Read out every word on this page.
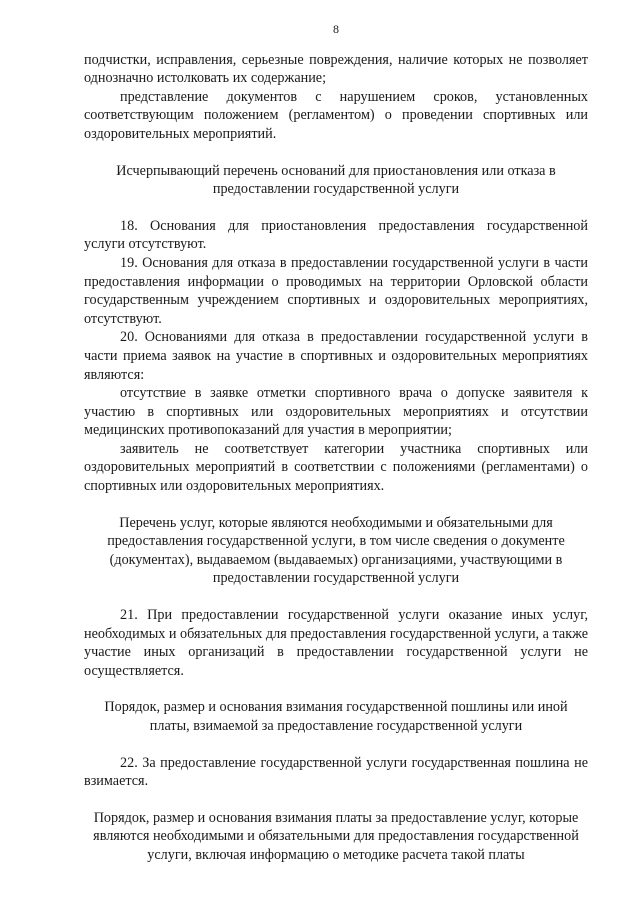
8

подчистки, исправления, серьезные повреждения, наличие которых не позволяет однозначно истолковать их содержание;

представление документов с нарушением сроков, установленных соответствующим положением (регламентом) о проведении спортивных или оздоровительных мероприятий.

Исчерпывающий перечень оснований для приостановления или отказа в предоставлении государственной услуги

18. Основания для приостановления предоставления государственной услуги отсутствуют.

19. Основания для отказа в предоставлении государственной услуги в части предоставления информации о проводимых на территории Орловской области государственным учреждением спортивных и оздоровительных мероприятиях, отсутствуют.

20. Основаниями для отказа в предоставлении государственной услуги в части приема заявок на участие в спортивных и оздоровительных мероприятиях являются:

отсутствие в заявке отметки спортивного врача о допуске заявителя к участию в спортивных или оздоровительных мероприятиях и отсутствии медицинских противопоказаний для участия в мероприятии;

заявитель не соответствует категории участника спортивных или оздоровительных мероприятий в соответствии с положениями (регламентами) о спортивных или оздоровительных мероприятиях.

Перечень услуг, которые являются необходимыми и обязательными для предоставления государственной услуги, в том числе сведения о документе (документах), выдаваемом (выдаваемых) организациями, участвующими в предоставлении государственной услуги

21. При предоставлении государственной услуги оказание иных услуг, необходимых и обязательных для предоставления государственной услуги, а также участие иных организаций в предоставлении государственной услуги не осуществляется.

Порядок, размер и основания взимания государственной пошлины или иной платы, взимаемой за предоставление государственной услуги

22. За предоставление государственной услуги государственная пошлина не взимается.

Порядок, размер и основания взимания платы за предоставление услуг, которые являются необходимыми и обязательными для предоставления государственной услуги, включая информацию о методике расчета такой платы
